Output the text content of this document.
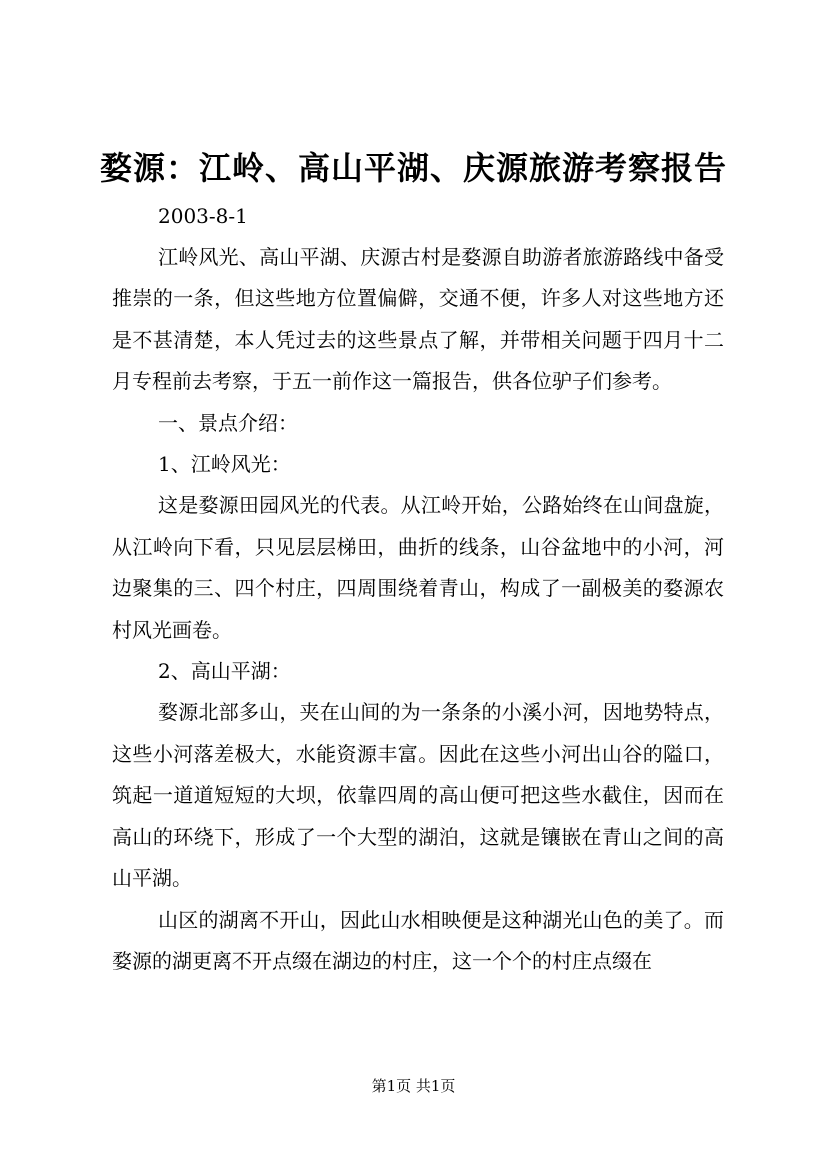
婺源：江岭、高山平湖、庆源旅游考察报告

2003-8-1

江岭风光、高山平湖、庆源古村是婺源自助游者旅游路线中备受推崇的一条，但这些地方位置偏僻，交通不便，许多人对这些地方还是不甚清楚，本人凭过去的这些景点了解，并带相关问题于四月十二月专程前去考察，于五一前作这一篇报告，供各位驴子们参考。

一、景点介绍：

1、江岭风光：

这是婺源田园风光的代表。从江岭开始，公路始终在山间盘旋，从江岭向下看，只见层层梯田，曲折的线条，山谷盆地中的小河，河边聚集的三、四个村庄，四周围绕着青山，构成了一副极美的婺源农村风光画卷。

2、高山平湖：

婺源北部多山，夹在山间的为一条条的小溪小河，因地势特点，这些小河落差极大，水能资源丰富。因此在这些小河出山谷的隘口，筑起一道道短短的大坝，依靠四周的高山便可把这些水截住，因而在高山的环绕下，形成了一个大型的湖泊，这就是镶嵌在青山之间的高山平湖。

山区的湖离不开山，因此山水相映便是这种湖光山色的美了。而婺源的湖更离不开点缀在湖边的村庄，这一个个的村庄点缀在

第1页 共1页
